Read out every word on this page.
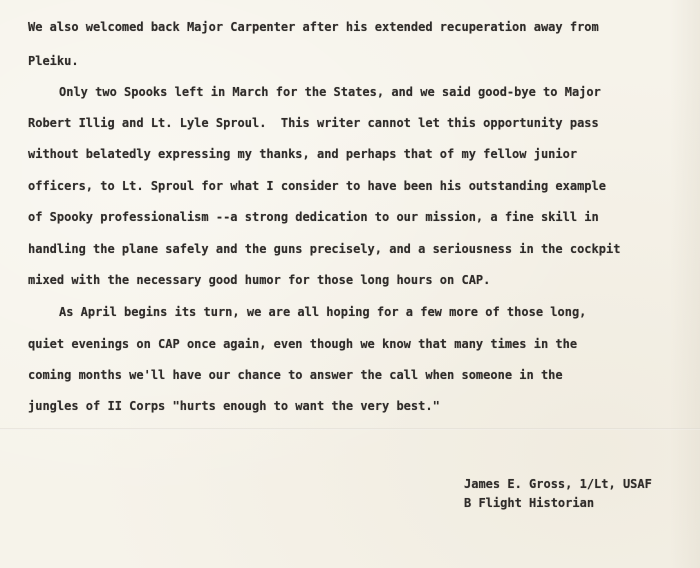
We also welcomed back Major Carpenter after his extended recuperation away from

Pleiku.

Only two Spooks left in March for the States, and we said good-bye to Major

Robert Illig and Lt. Lyle Sproul.  This writer cannot let this opportunity pass

without belatedly expressing my thanks, and perhaps that of my fellow junior

officers, to Lt. Sproul for what I consider to have been his outstanding example

of Spooky professionalism --a strong dedication to our mission, a fine skill in

handling the plane safely and the guns precisely, and a seriousness in the cockpit

mixed with the necessary good humor for those long hours on CAP.

As April begins its turn, we are all hoping for a few more of those long,

quiet evenings on CAP once again, even though we know that many times in the

coming months we'll have our chance to answer the call when someone in the

jungles of II Corps "hurts enough to want the very best."

James E. Gross, 1/Lt, USAF

B Flight Historian
